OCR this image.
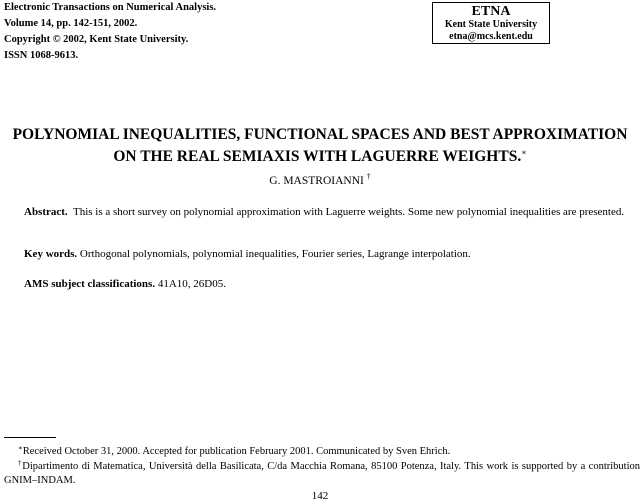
Electronic Transactions on Numerical Analysis.
Volume 14, pp. 142-151, 2002.
Copyright © 2002, Kent State University.
ISSN 1068-9613.
ETNA
Kent State University
etna@mcs.kent.edu
POLYNOMIAL INEQUALITIES, FUNCTIONAL SPACES AND BEST APPROXIMATION ON THE REAL SEMIAXIS WITH LAGUERRE WEIGHTS.∗
G. MASTROIANNI †
Abstract. This is a short survey on polynomial approximation with Laguerre weights. Some new polynomial inequalities are presented.
Key words. Orthogonal polynomials, polynomial inequalities, Fourier series, Lagrange interpolation.
AMS subject classifications. 41A10, 26D05.
∗Received October 31, 2000. Accepted for publication February 2001. Communicated by Sven Ehrich.
†Dipartimento di Matematica, Università della Basilicata, C/da Macchia Romana, 85100 Potenza, Italy. This work is supported by a contribution GNIM–INDAM.
142
